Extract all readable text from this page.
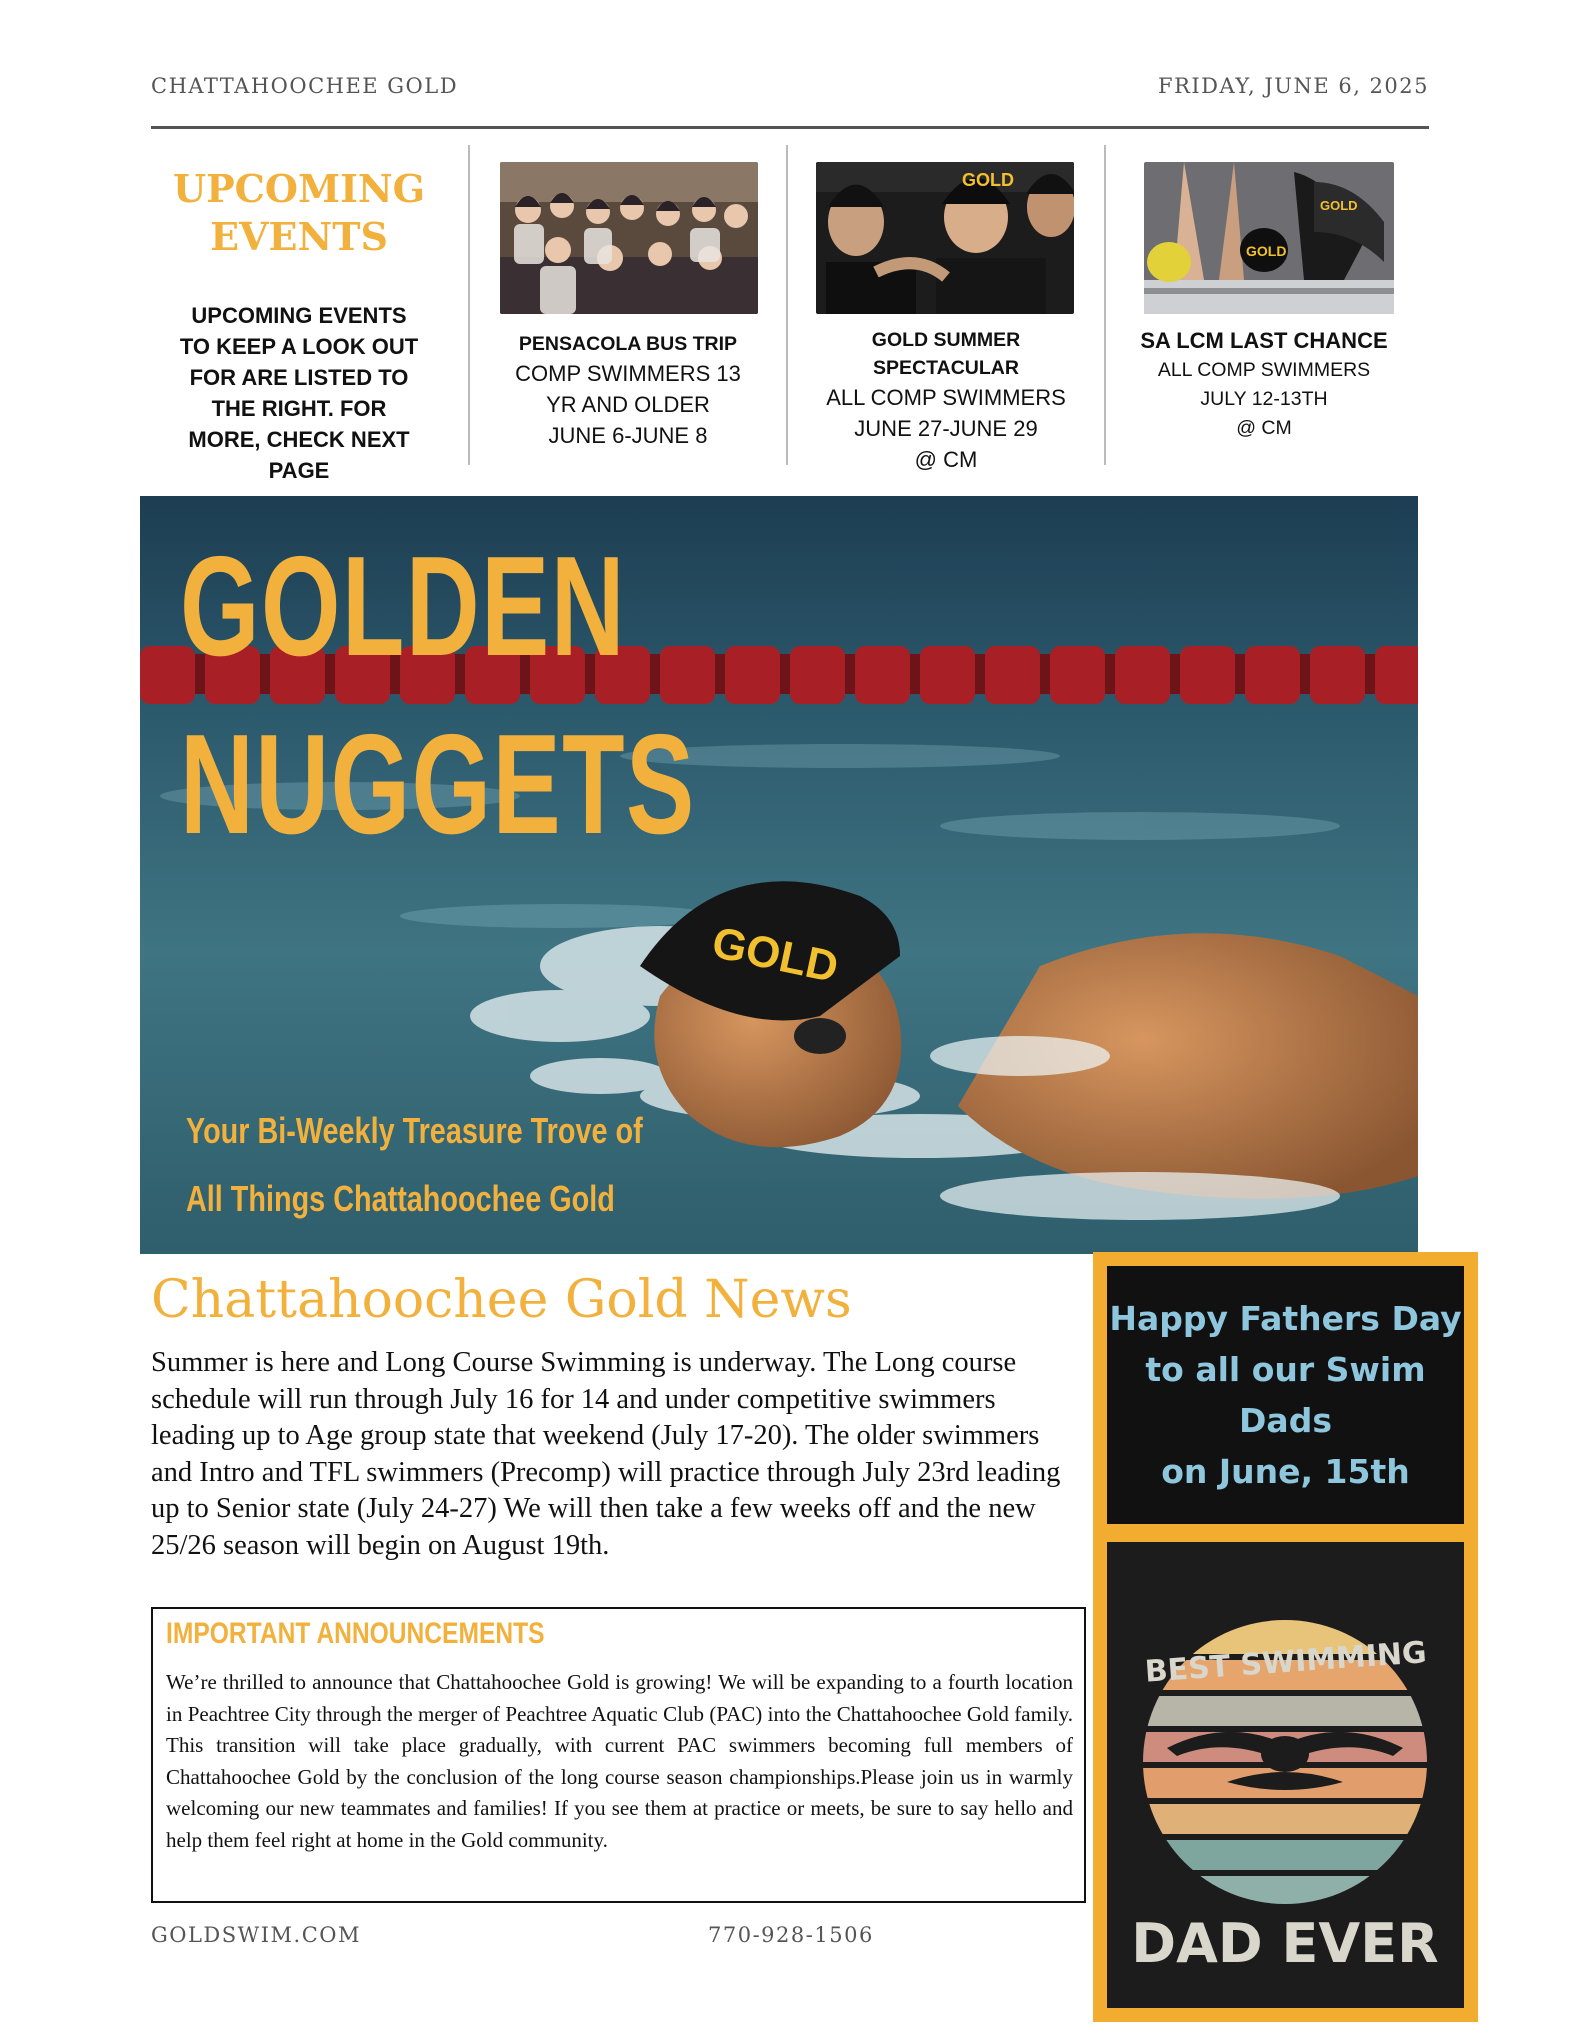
CHATTAHOOCHEE GOLD	FRIDAY, JUNE 6, 2025
UPCOMING
EVENTS
UPCOMING EVENTS
TO KEEP A LOOK OUT
FOR ARE LISTED TO
THE RIGHT. FOR
MORE, CHECK NEXT
PAGE
PENSACOLA BUS TRIP
COMP SWIMMERS 13
YR AND OLDER
JUNE 6-JUNE 8
GOLD
GOLD SUMMER
SPECTACULAR
ALL COMP SWIMMERS
JUNE 27-JUNE 29
@ CM
GOLD
GOLD
SA LCM LAST CHANCE
ALL COMP SWIMMERS
JULY 12-13TH
@ CM
GOLD
GOLDEN
NUGGETS
Your Bi-Weekly Treasure Trove of
All Things Chattahoochee Gold
Chattahoochee Gold News
Summer is here and Long Course Swimming is underway. The Long course schedule will run through July 16 for 14 and under competitive swimmers leading up to Age group state that weekend (July 17-20). The older swimmers and Intro and TFL swimmers (Precomp) will practice through July 23rd leading up to Senior state (July 24-27) We will then take a few weeks off and the new 25/26 season will begin on August 19th.
IMPORTANT ANNOUNCEMENTS
We’re thrilled to announce that Chattahoochee Gold is growing! We will be expanding to a fourth location in Peachtree City through the merger of Peachtree Aquatic Club (PAC) into the Chattahoochee Gold family. This transition will take place gradually, with current PAC swimmers becoming full members of Chattahoochee Gold by the conclusion of the long course season championships.Please join us in warmly welcoming our new teammates and families! If you see them at practice or meets, be sure to say hello and help them feel right at home in the Gold community.
GOLDSWIM.COM	770-928-1506
Happy Fathers Day
to all our Swim Dads
on June, 15th
BEST SWIMMING
DAD EVER
